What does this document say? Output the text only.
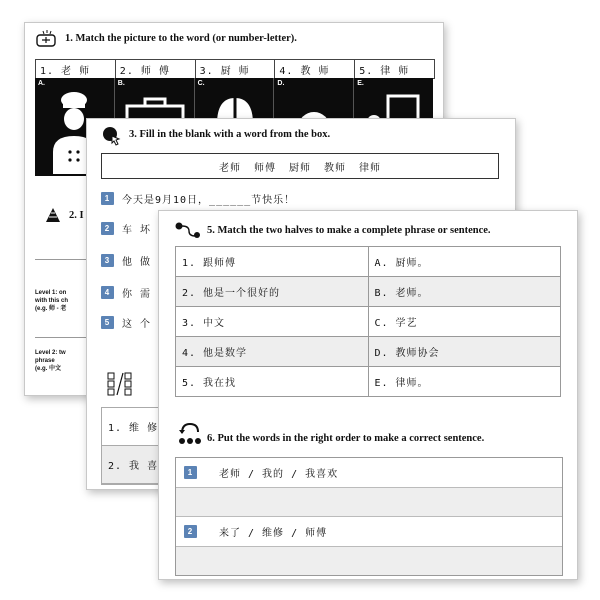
1. Match the picture to the word (or number-letter).
1. 老 师	2. 师 傅	3. 厨 师	4. 教 师	5. 律 师
A.	B.	C.	D.	E.
2. I
Level 1: on
with this ch
(e.g. 师 - 老
Level 2: tw
phrase
(e.g. 中文
3. Fill in the blank with a word from the box.
老师 师傅 厨师 教师 律师
1	今天是9月10日，______节快乐！
2	车 坏
3	他 做
4	你 需
5	这 个
1. 维 修
2. 我 喜
5. Match the two halves to make a complete phrase or sentence.
1. 跟师傅	A. 厨师。
2. 他是一个很好的	B. 老师。
3. 中文	C. 学艺
4. 他是数学	D. 教师协会
5. 我在找	E. 律师。
6. Put the words in the right order to make a correct sentence.
1	老师 / 我的 / 我喜欢
2	来了 / 维修 / 师傅
